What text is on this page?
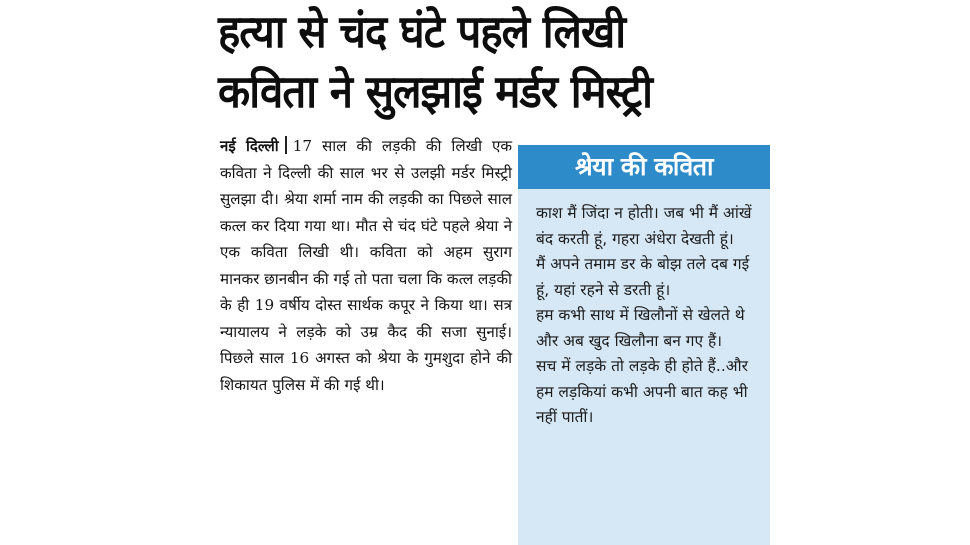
हत्या से चंद घंटे पहले लिखी
कविता ने सुलझाई मर्डर मिस्ट्री
नई दिल्ली 17 साल की लड़की की लिखी एक कविता ने दिल्ली की साल भर से उलझी मर्डर मिस्ट्री सुलझा दी। श्रेया शर्मा नाम की लड़की का पिछले साल कत्ल कर दिया गया था। मौत से चंद घंटे पहले श्रेया ने एक कविता लिखी थी। कविता को अहम सुराग मानकर छानबीन की गई तो पता चला कि कत्ल लड़की के ही 19 वर्षीय दोस्त सार्थक कपूर ने किया था। सत्र न्यायालय ने लड़के को उम्र कैद की सजा सुनाई। पिछले साल 16 अगस्त को श्रेया के गुमशुदा होने की शिकायत पुलिस में की गई थी।
श्रेया की कविता
काश मैं जिंदा न होती। जब भी मैं आंखें बंद करती हूं, गहरा अंधेरा देखती हूं।
मैं अपने तमाम डर के बोझ तले दब गई हूं, यहां रहने से डरती हूं।
हम कभी साथ में खिलौनों से खेलते थे और अब खुद खिलौना बन गए हैं।
सच में लड़के तो लड़के ही होते हैं..और हम लड़कियां कभी अपनी बात कह भी नहीं पातीं।
